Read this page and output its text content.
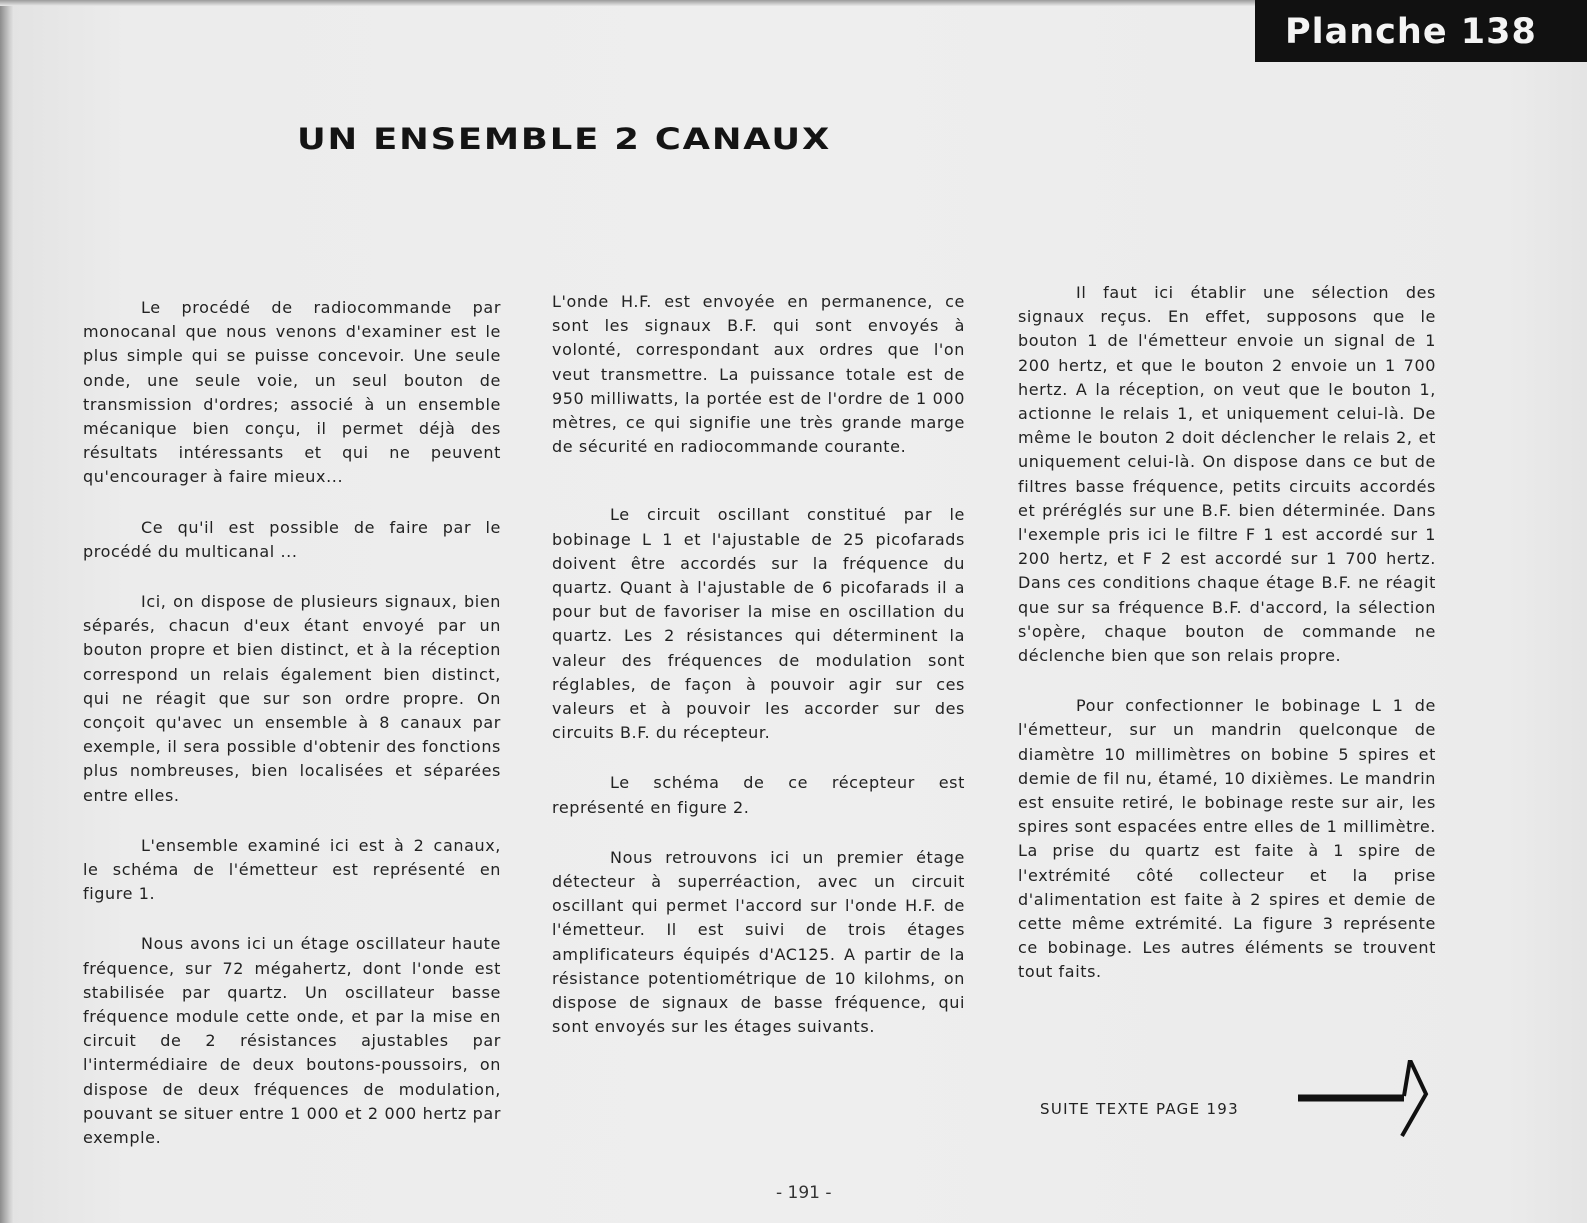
Planche 138
UN ENSEMBLE 2 CANAUX

Le procédé de radiocommande par monocanal que nous venons d'examiner est le plus simple qui se puisse concevoir. Une seule onde, une seule voie, un seul bouton de transmission d'ordres; associé à un ensemble mécanique bien conçu, il permet déjà des résultats intéressants et qui ne peuvent qu'encourager à faire mieux...

Ce qu'il est possible de faire par le procédé du multicanal ...

Ici, on dispose de plusieurs signaux, bien séparés, chacun d'eux étant envoyé par un bouton propre et bien distinct, et à la réception correspond un relais également bien distinct, qui ne réagit que sur son ordre propre. On conçoit qu'avec un ensemble à 8 canaux par exemple, il sera possible d'obtenir des fonctions plus nombreuses, bien localisées et séparées entre elles.

L'ensemble examiné ici est à 2 canaux, le schéma de l'émetteur est représenté en figure 1.

Nous avons ici un étage oscillateur haute fréquence, sur 72 mégahertz, dont l'onde est stabilisée par quartz. Un oscillateur basse fréquence module cette onde, et par la mise en circuit de 2 résistances ajustables par l'intermédiaire de deux boutons-poussoirs, on dispose de deux fréquences de modulation, pouvant se situer entre 1 000 et 2 000 hertz par exemple.

L'onde H.F. est envoyée en permanence, ce sont les signaux B.F. qui sont envoyés à volonté, correspondant aux ordres que l'on veut transmettre. La puissance totale est de 950 milliwatts, la portée est de l'ordre de 1 000 mètres, ce qui signifie une très grande marge de sécurité en radiocommande courante.

Le circuit oscillant constitué par le bobinage L 1 et l'ajustable de 25 picofarads doivent être accordés sur la fréquence du quartz. Quant à l'ajustable de 6 picofarads il a pour but de favoriser la mise en oscillation du quartz. Les 2 résistances qui déterminent la valeur des fréquences de modulation sont réglables, de façon à pouvoir agir sur ces valeurs et à pouvoir les accorder sur des circuits B.F. du récepteur.

Le schéma de ce récepteur est représenté en figure 2.

Nous retrouvons ici un premier étage détecteur à superréaction, avec un circuit oscillant qui permet l'accord sur l'onde H.F. de l'émetteur. Il est suivi de trois étages amplificateurs équipés d'AC125. A partir de la résistance potentiométrique de 10 kilohms, on dispose de signaux de basse fréquence, qui sont envoyés sur les étages suivants.

Il faut ici établir une sélection des signaux reçus. En effet, supposons que le bouton 1 de l'émetteur envoie un signal de 1 200 hertz, et que le bouton 2 envoie un 1 700 hertz. A la réception, on veut que le bouton 1, actionne le relais 1, et uniquement celui-là. De même le bouton 2 doit déclencher le relais 2, et uniquement celui-là. On dispose dans ce but de filtres basse fréquence, petits circuits accordés et préréglés sur une B.F. bien déterminée. Dans l'exemple pris ici le filtre F 1 est accordé sur 1 200 hertz, et F 2 est accordé sur 1 700 hertz. Dans ces conditions chaque étage B.F. ne réagit que sur sa fréquence B.F. d'accord, la sélection s'opère, chaque bouton de commande ne déclenche bien que son relais propre.

Pour confectionner le bobinage L 1 de l'émetteur, sur un mandrin quelconque de diamètre 10 millimètres on bobine 5 spires et demie de fil nu, étamé, 10 dixièmes. Le mandrin est ensuite retiré, le bobinage reste sur air, les spires sont espacées entre elles de 1 millimètre. La prise du quartz est faite à 1 spire de l'extrémité côté collecteur et la prise d'alimentation est faite à 2 spires et demie de cette même extrémité. La figure 3 représente ce bobinage. Les autres éléments se trouvent tout faits.

SUITE TEXTE PAGE 193
- 191 -
